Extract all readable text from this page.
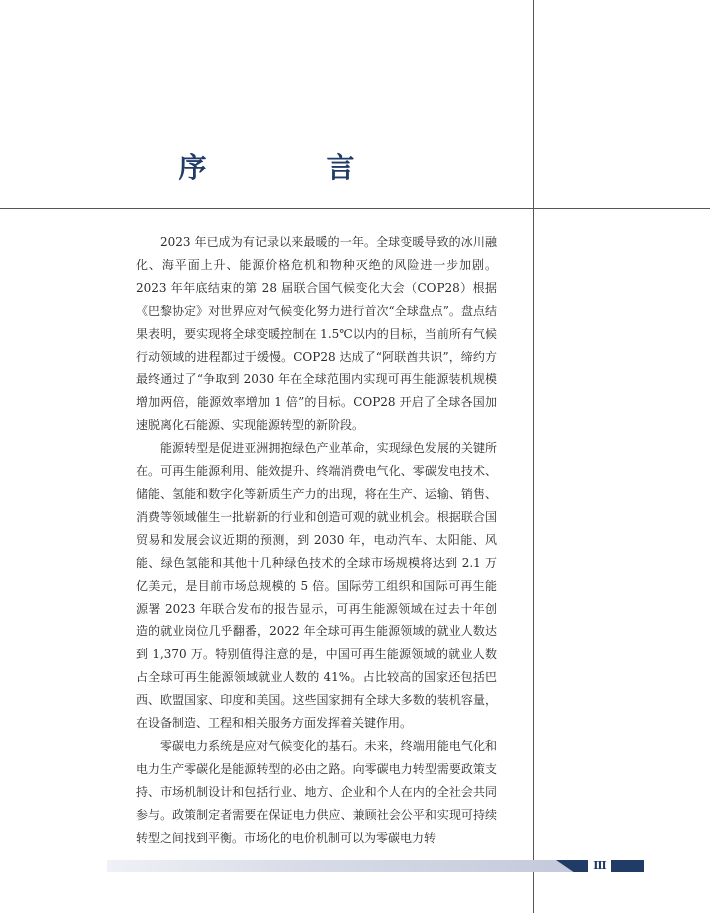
序　言

2023 年已成为有记录以来最暖的一年。全球变暖导致的冰川融化、海平面上升、能源价格危机和物种灭绝的风险进一步加剧。2023 年年底结束的第 28 届联合国气候变化大会（COP28）根据《巴黎协定》对世界应对气候变化努力进行首次“全球盘点”。盘点结果表明，要实现将全球变暖控制在 1.5℃以内的目标，当前所有气候行动领域的进程都过于缓慢。COP28 达成了“阿联酋共识”，缔约方最终通过了“争取到 2030 年在全球范围内实现可再生能源装机规模增加两倍，能源效率增加 1 倍”的目标。COP28 开启了全球各国加速脱离化石能源、实现能源转型的新阶段。

能源转型是促进亚洲拥抱绿色产业革命，实现绿色发展的关键所在。可再生能源利用、能效提升、终端消费电气化、零碳发电技术、储能、氢能和数字化等新质生产力的出现，将在生产、运输、销售、消费等领域催生一批崭新的行业和创造可观的就业机会。根据联合国贸易和发展会议近期的预测，到 2030 年，电动汽车、太阳能、风能、绿色氢能和其他十几种绿色技术的全球市场规模将达到 2.1 万亿美元，是目前市场总规模的 5 倍。国际劳工组织和国际可再生能源署 2023 年联合发布的报告显示，可再生能源领域在过去十年创造的就业岗位几乎翻番，2022 年全球可再生能源领域的就业人数达到 1,370 万。特别值得注意的是，中国可再生能源领域的就业人数占全球可再生能源领域就业人数的 41%。占比较高的国家还包括巴西、欧盟国家、印度和美国。这些国家拥有全球大多数的装机容量，在设备制造、工程和相关服务方面发挥着关键作用。

零碳电力系统是应对气候变化的基石。未来，终端用能电气化和电力生产零碳化是能源转型的必由之路。向零碳电力转型需要政策支持、市场机制设计和包括行业、地方、企业和个人在内的全社会共同参与。政策制定者需要在保证电力供应、兼顾社会公平和实现可持续转型之间找到平衡。市场化的电价机制可以为零碳电力转

Ⅲ
